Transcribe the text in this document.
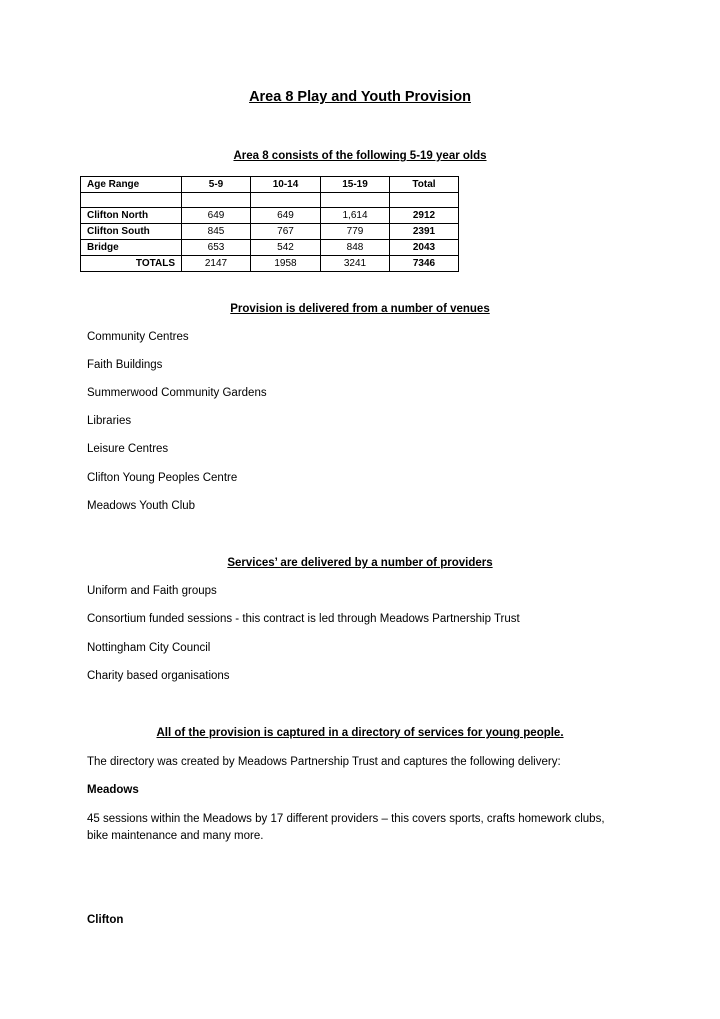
Area 8 Play and Youth Provision
Area 8 consists of the following 5-19 year olds
Age Range	5-9	10-14	15-19	Total

Clifton North	649	649	1,614	2912
Clifton South	845	767	779	2391
Bridge	653	542	848	2043
TOTALS	2147	1958	3241	7346
Provision is delivered from a number of venues
Community Centres
Faith Buildings
Summerwood Community Gardens
Libraries
Leisure Centres
Clifton Young Peoples Centre
Meadows Youth Club
Services’ are delivered by a number of providers
Uniform and Faith groups
Consortium funded sessions - this contract is led through Meadows Partnership Trust
Nottingham City Council
Charity based organisations
All of the provision is captured in a directory of services for young people.
The directory was created by Meadows Partnership Trust and captures the following delivery:
Meadows
45 sessions within the Meadows by 17 different providers – this covers sports, crafts homework clubs, bike maintenance and many more.
Clifton
